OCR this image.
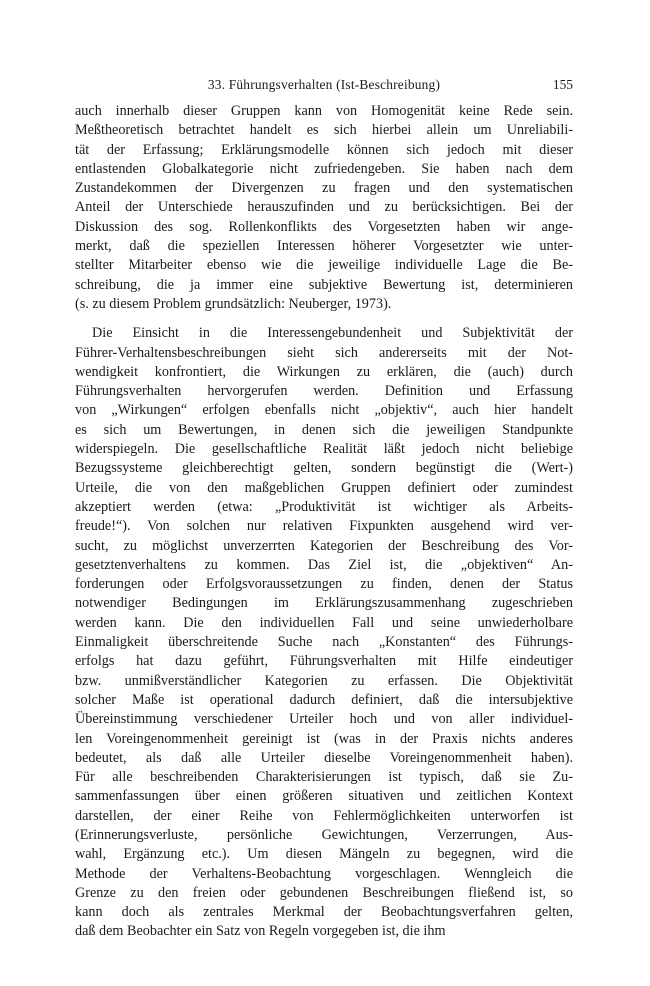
33. Führungsverhalten (Ist-Beschreibung)	155
auch innerhalb dieser Gruppen kann von Homogenität keine Rede sein.
Meßtheoretisch betrachtet handelt es sich hierbei allein um Unreliabili-
tät der Erfassung; Erklärungsmodelle können sich jedoch mit dieser
entlastenden Globalkategorie nicht zufriedengeben. Sie haben nach dem
Zustandekommen der Divergenzen zu fragen und den systematischen
Anteil der Unterschiede herauszufinden und zu berücksichtigen. Bei der
Diskussion des sog. Rollenkonflikts des Vorgesetzten haben wir ange-
merkt, daß die speziellen Interessen höherer Vorgesetzter wie unter-
stellter Mitarbeiter ebenso wie die jeweilige individuelle Lage die Be-
schreibung, die ja immer eine subjektive Bewertung ist, determinieren
(s. zu diesem Problem grundsätzlich: Neuberger, 1973).
Die Einsicht in die Interessengebundenheit und Subjektivität der
Führer-Verhaltensbeschreibungen sieht sich andererseits mit der Not-
wendigkeit konfrontiert, die Wirkungen zu erklären, die (auch) durch
Führungsverhalten hervorgerufen werden. Definition und Erfassung
von „Wirkungen“ erfolgen ebenfalls nicht „objektiv“, auch hier handelt
es sich um Bewertungen, in denen sich die jeweiligen Standpunkte
widerspiegeln. Die gesellschaftliche Realität läßt jedoch nicht beliebige
Bezugssysteme gleichberechtigt gelten, sondern begünstigt die (Wert-)
Urteile, die von den maßgeblichen Gruppen definiert oder zumindest
akzeptiert werden (etwa: „Produktivität ist wichtiger als Arbeits-
freude!“). Von solchen nur relativen Fixpunkten ausgehend wird ver-
sucht, zu möglichst unverzerrten Kategorien der Beschreibung des Vor-
gesetztenverhaltens zu kommen. Das Ziel ist, die „objektiven“ An-
forderungen oder Erfolgsvoraussetzungen zu finden, denen der Status
notwendiger Bedingungen im Erklärungszusammenhang zugeschrieben
werden kann. Die den individuellen Fall und seine unwiederholbare
Einmaligkeit überschreitende Suche nach „Konstanten“ des Führungs-
erfolgs hat dazu geführt, Führungsverhalten mit Hilfe eindeutiger
bzw. unmißverständlicher Kategorien zu erfassen. Die Objektivität
solcher Maße ist operational dadurch definiert, daß die intersubjektive
Übereinstimmung verschiedener Urteiler hoch und von aller individuel-
len Voreingenommenheit gereinigt ist (was in der Praxis nichts anderes
bedeutet, als daß alle Urteiler dieselbe Voreingenommenheit haben).
Für alle beschreibenden Charakterisierungen ist typisch, daß sie Zu-
sammenfassungen über einen größeren situativen und zeitlichen Kontext
darstellen, der einer Reihe von Fehlermöglichkeiten unterworfen ist
(Erinnerungsverluste, persönliche Gewichtungen, Verzerrungen, Aus-
wahl, Ergänzung etc.). Um diesen Mängeln zu begegnen, wird die
Methode der Verhaltens-Beobachtung vorgeschlagen. Wenngleich die
Grenze zu den freien oder gebundenen Beschreibungen fließend ist, so
kann doch als zentrales Merkmal der Beobachtungsverfahren gelten,
daß dem Beobachter ein Satz von Regeln vorgegeben ist, die ihm
